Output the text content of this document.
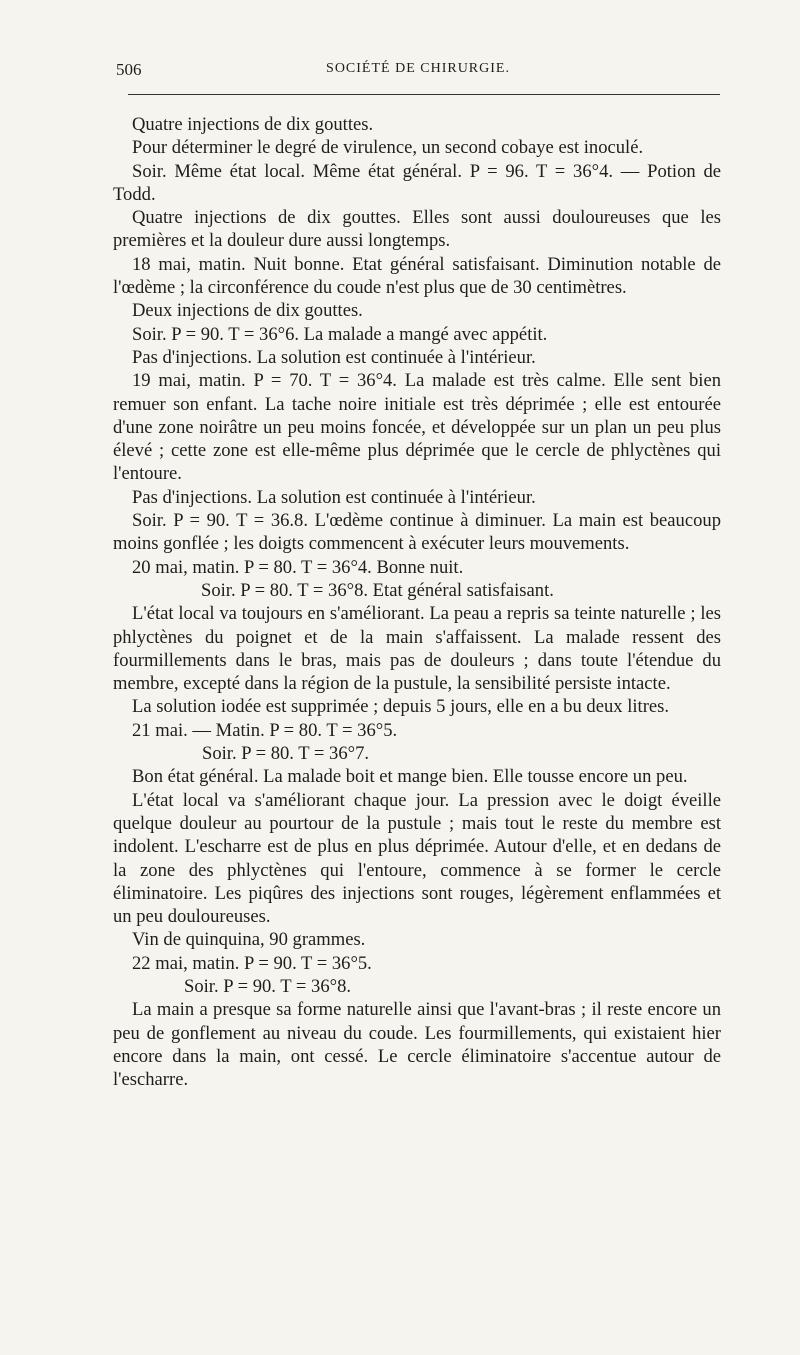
506	SOCIÉTÉ DE CHIRURGIE.

Quatre injections de dix gouttes.

Pour déterminer le degré de virulence, un second cobaye est inoculé.

Soir. Même état local. Même état général. P = 96. T = 36°4. — Potion de Todd.

Quatre injections de dix gouttes. Elles sont aussi douloureuses que les premières et la douleur dure aussi longtemps.

18 mai, matin. Nuit bonne. Etat général satisfaisant. Diminution notable de l'œdème ; la circonférence du coude n'est plus que de 30 centimètres.

Deux injections de dix gouttes.

Soir. P = 90. T = 36°6. La malade a mangé avec appétit.

Pas d'injections. La solution est continuée à l'intérieur.

19 mai, matin. P = 70. T = 36°4. La malade est très calme. Elle sent bien remuer son enfant. La tache noire initiale est très déprimée ; elle est entourée d'une zone noirâtre un peu moins foncée, et développée sur un plan un peu plus élevé ; cette zone est elle-même plus déprimée que le cercle de phlyctènes qui l'entoure.

Pas d'injections. La solution est continuée à l'intérieur.

Soir. P = 90. T = 36.8. L'œdème continue à diminuer. La main est beaucoup moins gonflée ; les doigts commencent à exécuter leurs mouvements.

20 mai, matin. P = 80. T = 36°4. Bonne nuit.

Soir. P = 80. T = 36°8. Etat général satisfaisant.

L'état local va toujours en s'améliorant. La peau a repris sa teinte naturelle ; les phlyctènes du poignet et de la main s'affaissent. La malade ressent des fourmillements dans le bras, mais pas de douleurs ; dans toute l'étendue du membre, excepté dans la région de la pustule, la sensibilité persiste intacte.

La solution iodée est supprimée ; depuis 5 jours, elle en a bu deux litres.

21 mai. — Matin. P = 80. T = 36°5.

Soir. P = 80. T = 36°7.

Bon état général. La malade boit et mange bien. Elle tousse encore un peu.

L'état local va s'améliorant chaque jour. La pression avec le doigt éveille quelque douleur au pourtour de la pustule ; mais tout le reste du membre est indolent. L'escharre est de plus en plus déprimée. Autour d'elle, et en dedans de la zone des phlyctènes qui l'entoure, commence à se former le cercle éliminatoire. Les piqûres des injections sont rouges, légèrement enflammées et un peu douloureuses.

Vin de quinquina, 90 grammes.

22 mai, matin. P = 90. T = 36°5.

Soir. P = 90. T = 36°8.

La main a presque sa forme naturelle ainsi que l'avant-bras ; il reste encore un peu de gonflement au niveau du coude. Les fourmillements, qui existaient hier encore dans la main, ont cessé. Le cercle éliminatoire s'accentue autour de l'escharre.
